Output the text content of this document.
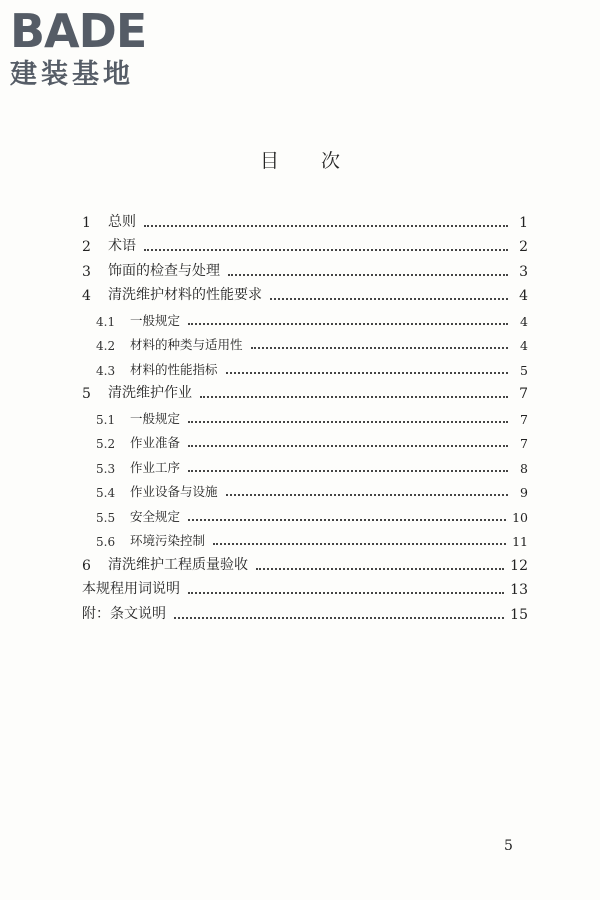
BADE
建装基地
目次
1	总则	1
2	术语	2
3	饰面的检查与处理	3
4	清洗维护材料的性能要求	4
4.1	一般规定	4
4.2	材料的种类与适用性	4
4.3	材料的性能指标	5
5	清洗维护作业	7
5.1	一般规定	7
5.2	作业准备	7
5.3	作业工序	8
5.4	作业设备与设施	9
5.5	安全规定	10
5.6	环境污染控制	11
6	清洗维护工程质量验收	12
本规程用词说明	13
附：条文说明	15
5
